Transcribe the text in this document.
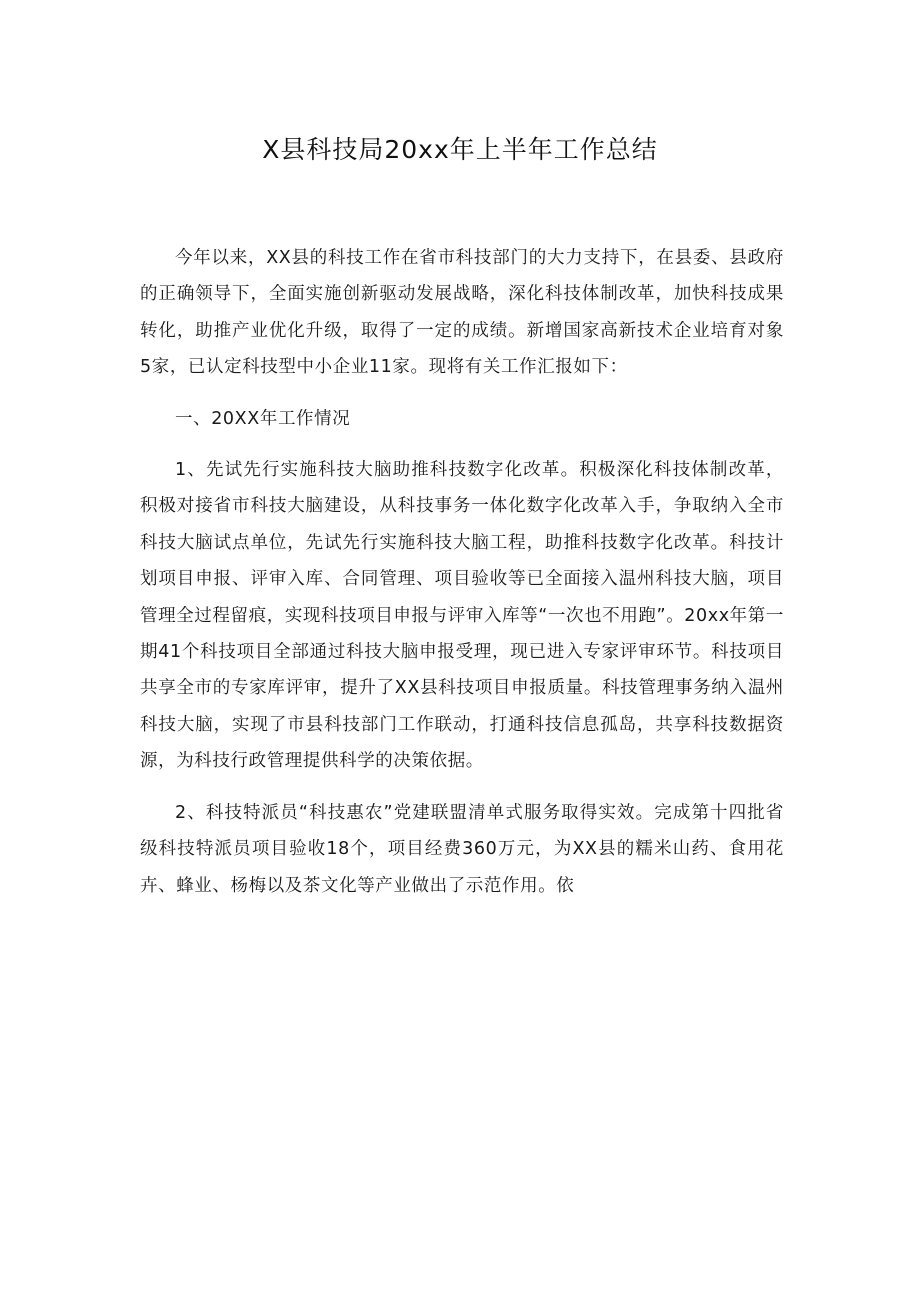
X县科技局20xx年上半年工作总结

今年以来，XX县的科技工作在省市科技部门的大力支持下，在县委、县政府的正确领导下，全面实施创新驱动发展战略，深化科技体制改革，加快科技成果转化，助推产业优化升级，取得了一定的成绩。新增国家高新技术企业培育对象5家，已认定科技型中小企业11家。现将有关工作汇报如下：

一、20XX年工作情况

1、先试先行实施科技大脑助推科技数字化改革。积极深化科技体制改革，积极对接省市科技大脑建设，从科技事务一体化数字化改革入手，争取纳入全市科技大脑试点单位，先试先行实施科技大脑工程，助推科技数字化改革。科技计划项目申报、评审入库、合同管理、项目验收等已全面接入温州科技大脑，项目管理全过程留痕，实现科技项目申报与评审入库等“一次也不用跑”。20xx年第一期41个科技项目全部通过科技大脑申报受理，现已进入专家评审环节。科技项目共享全市的专家库评审，提升了XX县科技项目申报质量。科技管理事务纳入温州科技大脑，实现了市县科技部门工作联动，打通科技信息孤岛，共享科技数据资源，为科技行政管理提供科学的决策依据。

2、科技特派员“科技惠农”党建联盟清单式服务取得实效。完成第十四批省级科技特派员项目验收18个，项目经费360万元，为XX县的糯米山药、食用花卉、蜂业、杨梅以及茶文化等产业做出了示范作用。依
